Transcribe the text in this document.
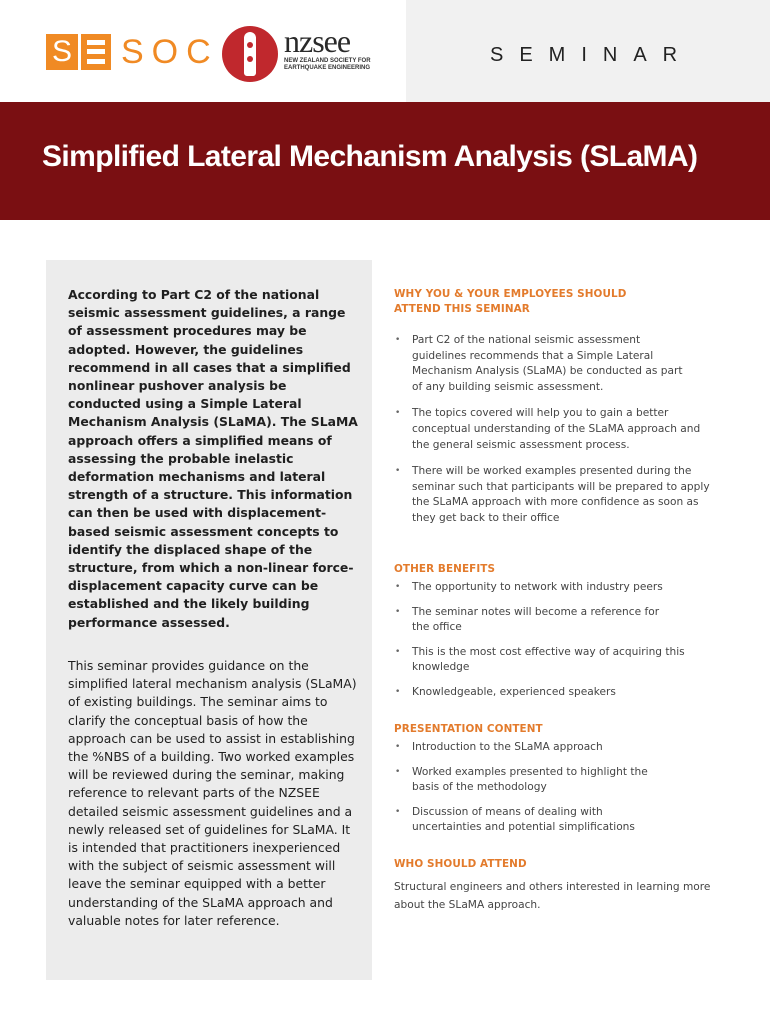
S SOC nzsee
NEW ZEALAND SOCIETY FOR EARTHQUAKE ENGINEERING
SEMINAR
Simplified Lateral Mechanism Analysis (SLaMA)

According to Part C2 of the national seismic assessment guidelines, a range of assessment procedures may be adopted. However, the guidelines recommend in all cases that a simplified nonlinear pushover analysis be conducted using a Simple Lateral Mechanism Analysis (SLaMA). The SLaMA approach offers a simplified means of assessing the probable inelastic deformation mechanisms and lateral strength of a structure. This information can then be used with displacement-based seismic assessment concepts to identify the displaced shape of the structure, from which a non-linear force-displacement capacity curve can be established and the likely building performance assessed.

This seminar provides guidance on the simplified lateral mechanism analysis (SLaMA) of existing buildings. The seminar aims to clarify the conceptual basis of how the approach can be used to assist in establishing the %NBS of a building. Two worked examples will be reviewed during the seminar, making reference to relevant parts of the NZSEE detailed seismic assessment guidelines and a newly released set of guidelines for SLaMA. It is intended that practitioners inexperienced with the subject of seismic assessment will leave the seminar equipped with a better understanding of the SLaMA approach and valuable notes for later reference.

WHY YOU & YOUR EMPLOYEES SHOULD ATTEND THIS SEMINAR
• Part C2 of the national seismic assessment guidelines recommends that a Simple Lateral Mechanism Analysis (SLaMA) be conducted as part of any building seismic assessment.
• The topics covered will help you to gain a better conceptual understanding of the SLaMA approach and the general seismic assessment process.
• There will be worked examples presented during the seminar such that participants will be prepared to apply the SLaMA approach with more confidence as soon as they get back to their office
OTHER BENEFITS
• The opportunity to network with industry peers
• The seminar notes will become a reference for the office
• This is the most cost effective way of acquiring this knowledge
• Knowledgeable, experienced speakers
PRESENTATION CONTENT
• Introduction to the SLaMA approach
• Worked examples presented to highlight the basis of the methodology
• Discussion of means of dealing with uncertainties and potential simplifications
WHO SHOULD ATTEND

Structural engineers and others interested in learning more about the SLaMA approach.
